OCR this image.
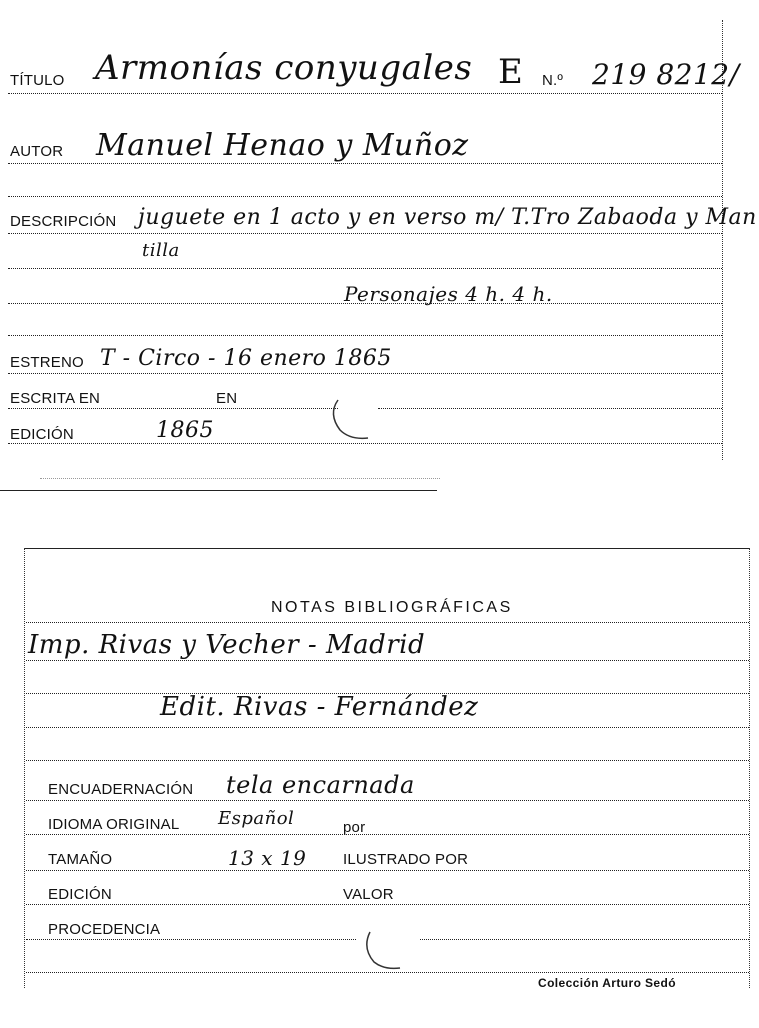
TÍTULO Armonías conyugales E N.º 219 8212/
AUTOR Manuel Henao y Muñoz
DESCRIPCIÓN juguete en 1 acto y en verso m/ T.Tro Zabaoda y Man
tilla
Personajes 4 h. 4 h.
ESTRENO T - Circo - 16 enero 1865
ESCRITA EN	EN
EDICIÓN	1865
NOTAS BIBLIOGRÁFICAS
Imp. Rivas y Vecher - Madrid
Edit. Rivas - Fernández
ENCUADERNACIÓN tela encarnada
IDIOMA ORIGINAL Español	por
TAMAÑO	13 x 19 ILUSTRADO POR
EDICIÓN	VALOR
PROCEDENCIA
Colección Arturo Sedó
